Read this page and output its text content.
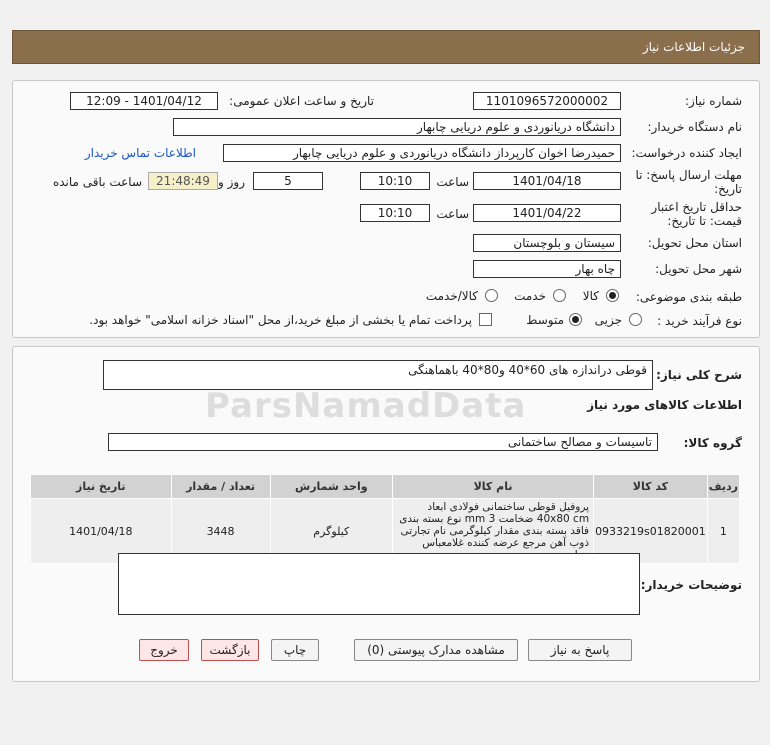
جزئیات اطلاعات نیاز
شماره نیاز:
1101096572000002
تاریخ و ساعت اعلان عمومی:
1401/04/12 - 12:09
نام دستگاه خریدار:
دانشگاه دریانوردی و علوم دریایی چابهار
ایجاد کننده درخواست:
حمیدرضا اخوان کارپرداز دانشگاه دریانوردی و علوم دریایی چابهار
اطلاعات تماس خریدار
مهلت ارسال پاسخ: تا
تاریخ:
1401/04/18
ساعت
10:10
5
روز و
21:48:49
ساعت باقی مانده
حداقل تاریخ اعتبار
قیمت: تا تاریخ:
1401/04/22
ساعت
10:10
استان محل تحویل:
سیستان و بلوچستان
شهر محل تحویل:
چاه بهار
طبقه بندی موضوعی:
کالا
خدمت
کالا/خدمت
نوع فرآیند خرید :
جزیی
متوسط
پرداخت تمام یا بخشی از مبلغ خرید،از محل "اسناد خزانه اسلامی" خواهد بود.
شرح کلی نیاز:
قوطی دراندازه های 60*40 و80*40 باهماهنگی
اطلاعات کالاهای مورد نیاز
گروه کالا:
تاسیسات و مصالح ساختمانی
ردیف	کد کالا	نام کالا	واحد شمارش	تعداد / مقدار	تاریخ نیاز
1	0933219s01820001	پروفیل قوطی ساختمانی فولادی ابعاد 40x80 cm ضخامت 3 mm نوع بسته بندی فاقد بسته بندی مقدار کیلوگرمی نام تجارتی ذوب آهن مرجع عرضه کننده غلامعباس	کیلوگرم	3448	1401/04/18
توضیحات خریدار:
پاسخ به نیاز
مشاهده مدارک پیوستی (0)
چاپ
بازگشت
خروج
ParsNamadData
